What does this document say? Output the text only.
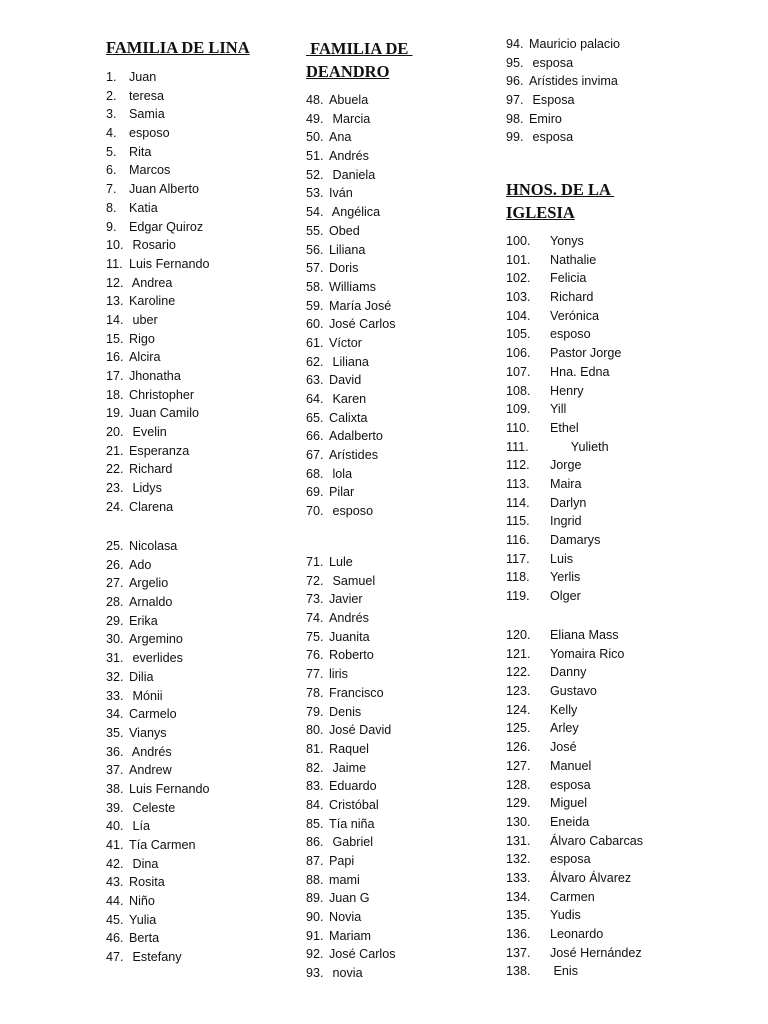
FAMILIA DE LINA
1. Juan
2. teresa
3. Samia
4. esposo
5. Rita
6. Marcos
7. Juan Alberto
8. Katia
9. Edgar Quiroz
10. Rosario
11. Luis Fernando
12. Andrea
13. Karoline
14. uber
15. Rigo
16. Alcira
17. Jhonatha
18. Christopher
19. Juan Camilo
20. Evelin
21. Esperanza
22. Richard
23. Lidys
24. Clarena
25. Nicolasa
26. Ado
27. Argelio
28. Arnaldo
29. Erika
30. Argemino
31. everlides
32. Dilia
33. Mónii
34. Carmelo
35. Vianys
36. Andrés
37. Andrew
38. Luis Fernando
39. Celeste
40. Lía
41. Tía Carmen
42. Dina
43. Rosita
44. Niño
45. Yulia
46. Berta
47. Estefany
FAMILIA DE
DEANDRO
48. Abuela
49. Marcia
50. Ana
51. Andrés
52. Daniela
53. Iván
54. Angélica
55. Obed
56. Liliana
57. Doris
58. Williams
59. María José
60. José Carlos
61. Víctor
62. Liliana
63. David
64. Karen
65. Calixta
66. Adalberto
67. Arístides
68. lola
69. Pilar
70. esposo
71. Lule
72. Samuel
73. Javier
74. Andrés
75. Juanita
76. Roberto
77. liris
78. Francisco
79. Denis
80. José David
81. Raquel
82. Jaime
83. Eduardo
84. Cristóbal
85. Tía niña
86. Gabriel
87. Papi
88. mami
89. Juan G
90. Novia
91. Mariam
92. José Carlos
93. novia
94. Mauricio palacio
95. esposa
96. Arístides invima
97. Esposa
98. Emiro
99. esposa
HNOS. DE LA
IGLESIA
100. Yonys
101. Nathalie
102. Felicia
103. Richard
104. Verónica
105. esposo
106. Pastor Jorge
107. Hna. Edna
108. Henry
109. Yill
110. Ethel
111. Yulieth
112. Jorge
113. Maira
114. Darlyn
115. Ingrid
116. Damarys
117. Luis
118. Yerlis
119. Olger
120. Eliana Mass
121. Yomaira Rico
122. Danny
123. Gustavo
124. Kelly
125. Arley
126. José
127. Manuel
128. esposa
129. Miguel
130. Eneida
131. Álvaro Cabarcas
132. esposa
133. Álvaro Álvarez
134. Carmen
135. Yudis
136. Leonardo
137. José Hernández
138. Enis
